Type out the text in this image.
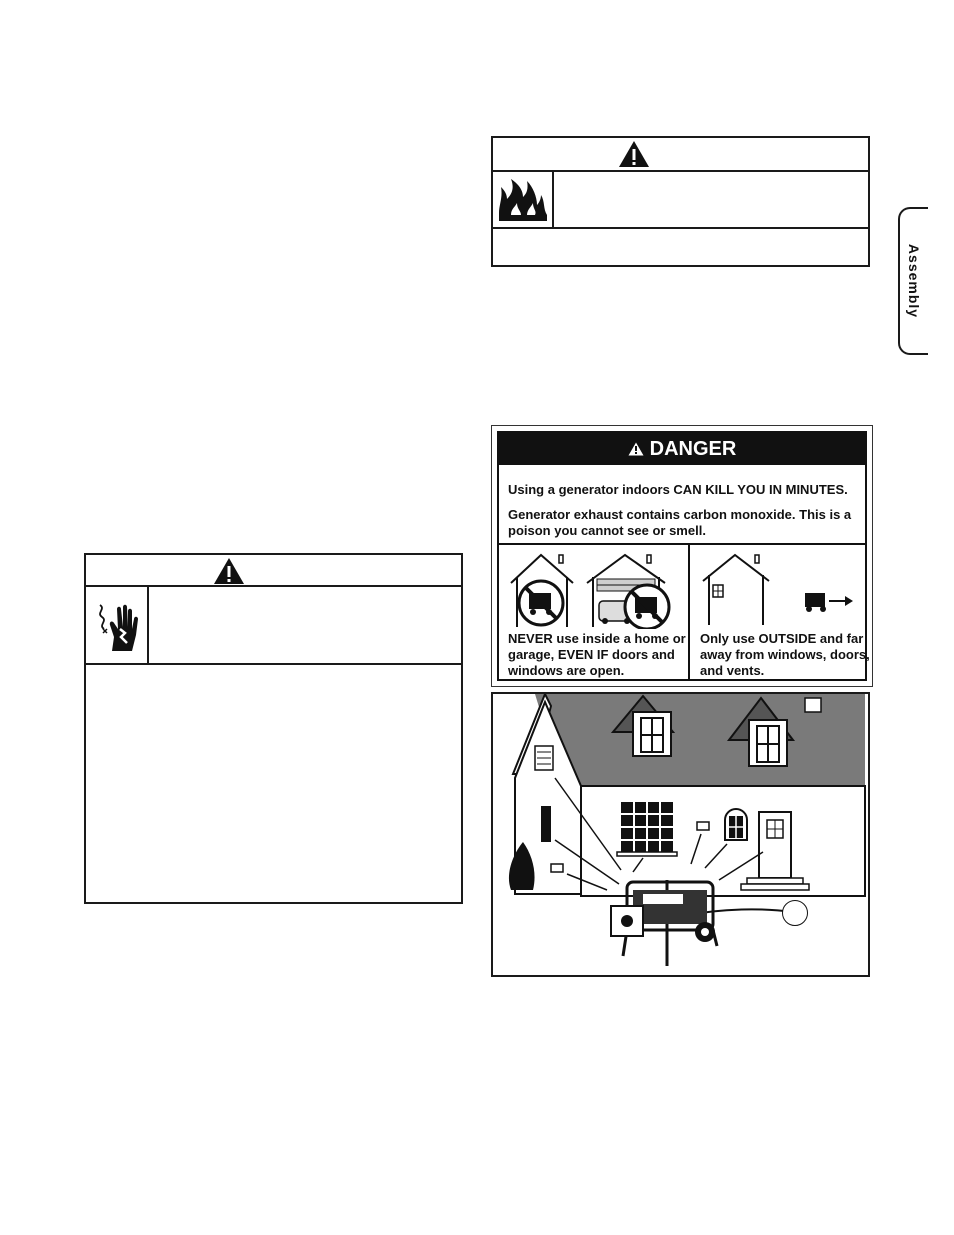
Assembly
DANGER
Using a generator indoors CAN KILL YOU IN MINUTES.
Generator exhaust contains carbon monoxide. This is a poison you cannot see or smell.
NEVER use inside a home or garage, EVEN IF doors and windows are open.
Only use OUTSIDE and far away from windows, doors, and vents.
